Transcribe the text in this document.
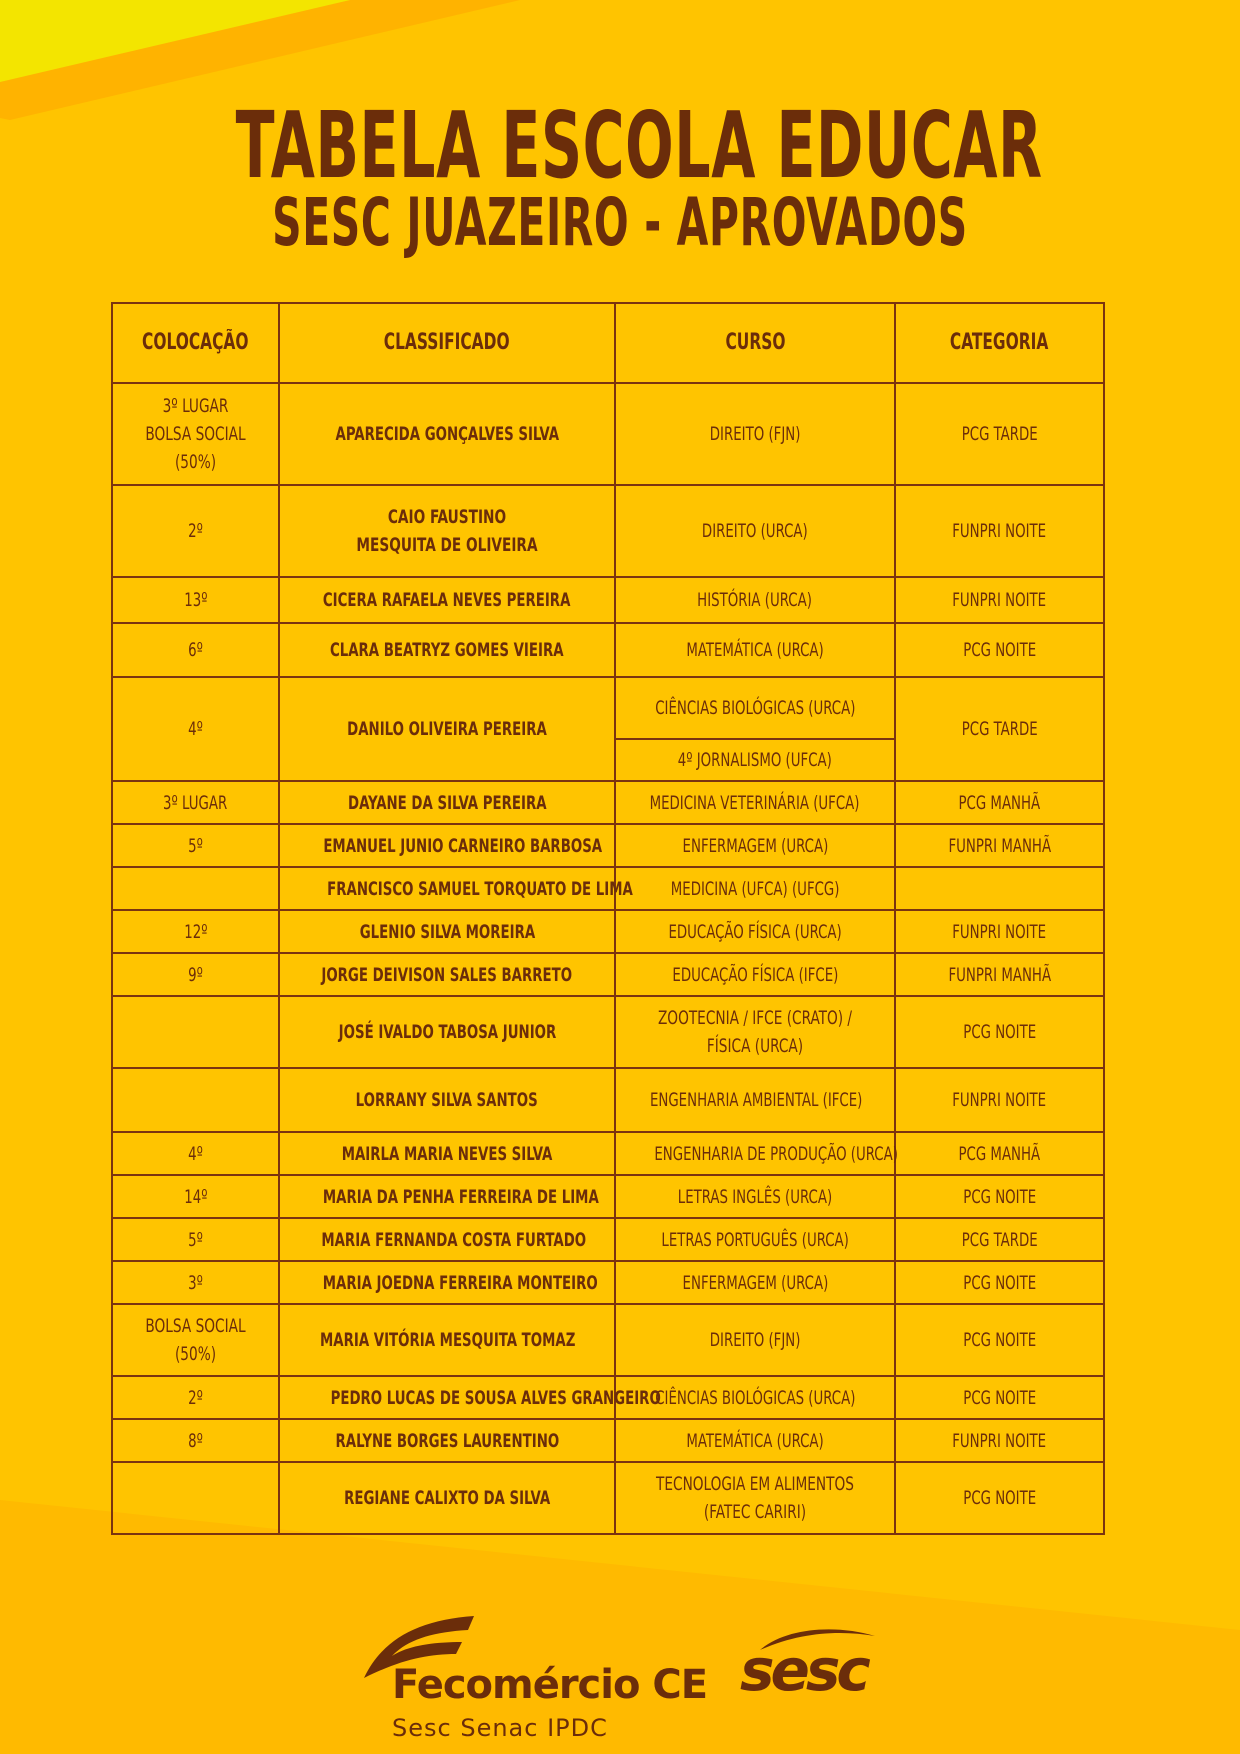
TABELA ESCOLA EDUCAR
SESC JUAZEIRO - APROVADOS
COLOCAÇÃO	CLASSIFICADO	CURSO	CATEGORIA

3º LUGAR BOLSA SOCIAL (50%)	APARECIDA GONÇALVES SILVA	DIREITO (FJN)	PCG TARDE
2º	CAIO FAUSTINO MESQUITA DE OLIVEIRA	DIREITO (URCA)	FUNPRI NOITE
13º	CICERA RAFAELA NEVES PEREIRA	HISTÓRIA (URCA)	FUNPRI NOITE
6º	CLARA BEATRYZ GOMES VIEIRA	MATEMÁTICA (URCA)	PCG NOITE
4º	DANILO OLIVEIRA PEREIRA	CIÊNCIAS BIOLÓGICAS (URCA)	PCG TARDE
		4º JORNALISMO (UFCA)	
3º LUGAR	DAYANE DA SILVA PEREIRA	MEDICINA VETERINÁRIA (UFCA)	PCG MANHÃ
5º	EMANUEL JUNIO CARNEIRO BARBOSA	ENFERMAGEM (URCA)	FUNPRI MANHÃ
	FRANCISCO SAMUEL TORQUATO DE LIMA	MEDICINA (UFCA) (UFCG)	
12º	GLENIO SILVA MOREIRA	EDUCAÇÃO FÍSICA (URCA)	FUNPRI NOITE
9º	JORGE DEIVISON SALES BARRETO	EDUCAÇÃO FÍSICA (IFCE)	FUNPRI MANHÃ
	JOSÉ IVALDO TABOSA JUNIOR	ZOOTECNIA / IFCE (CRATO) / FÍSICA (URCA)	PCG NOITE
	LORRANY SILVA SANTOS	ENGENHARIA AMBIENTAL (IFCE)	FUNPRI NOITE
4º	MAIRLA MARIA NEVES SILVA	ENGENHARIA DE PRODUÇÃO (URCA)	PCG MANHÃ
14º	MARIA DA PENHA FERREIRA DE LIMA	LETRAS INGLÊS (URCA)	PCG NOITE
5º	MARIA FERNANDA COSTA FURTADO	LETRAS PORTUGUÊS (URCA)	PCG TARDE
3º	MARIA JOEDNA FERREIRA MONTEIRO	ENFERMAGEM (URCA)	PCG NOITE

BOLSA SOCIAL (50%)	MARIA VITÓRIA MESQUITA TOMAZ	DIREITO (FJN)	PCG NOITE
2º	PEDRO LUCAS DE SOUSA ALVES GRANGEIRO	CIÊNCIAS BIOLÓGICAS (URCA)	PCG NOITE
8º	RALYNE BORGES LAURENTINO	MATEMÁTICA (URCA)	FUNPRI NOITE
	REGIANE CALIXTO DA SILVA	TECNOLOGIA EM ALIMENTOS (FATEC CARIRI)	PCG NOITE
Fecomércio CE
Sesc Senac IPDC
sesc
